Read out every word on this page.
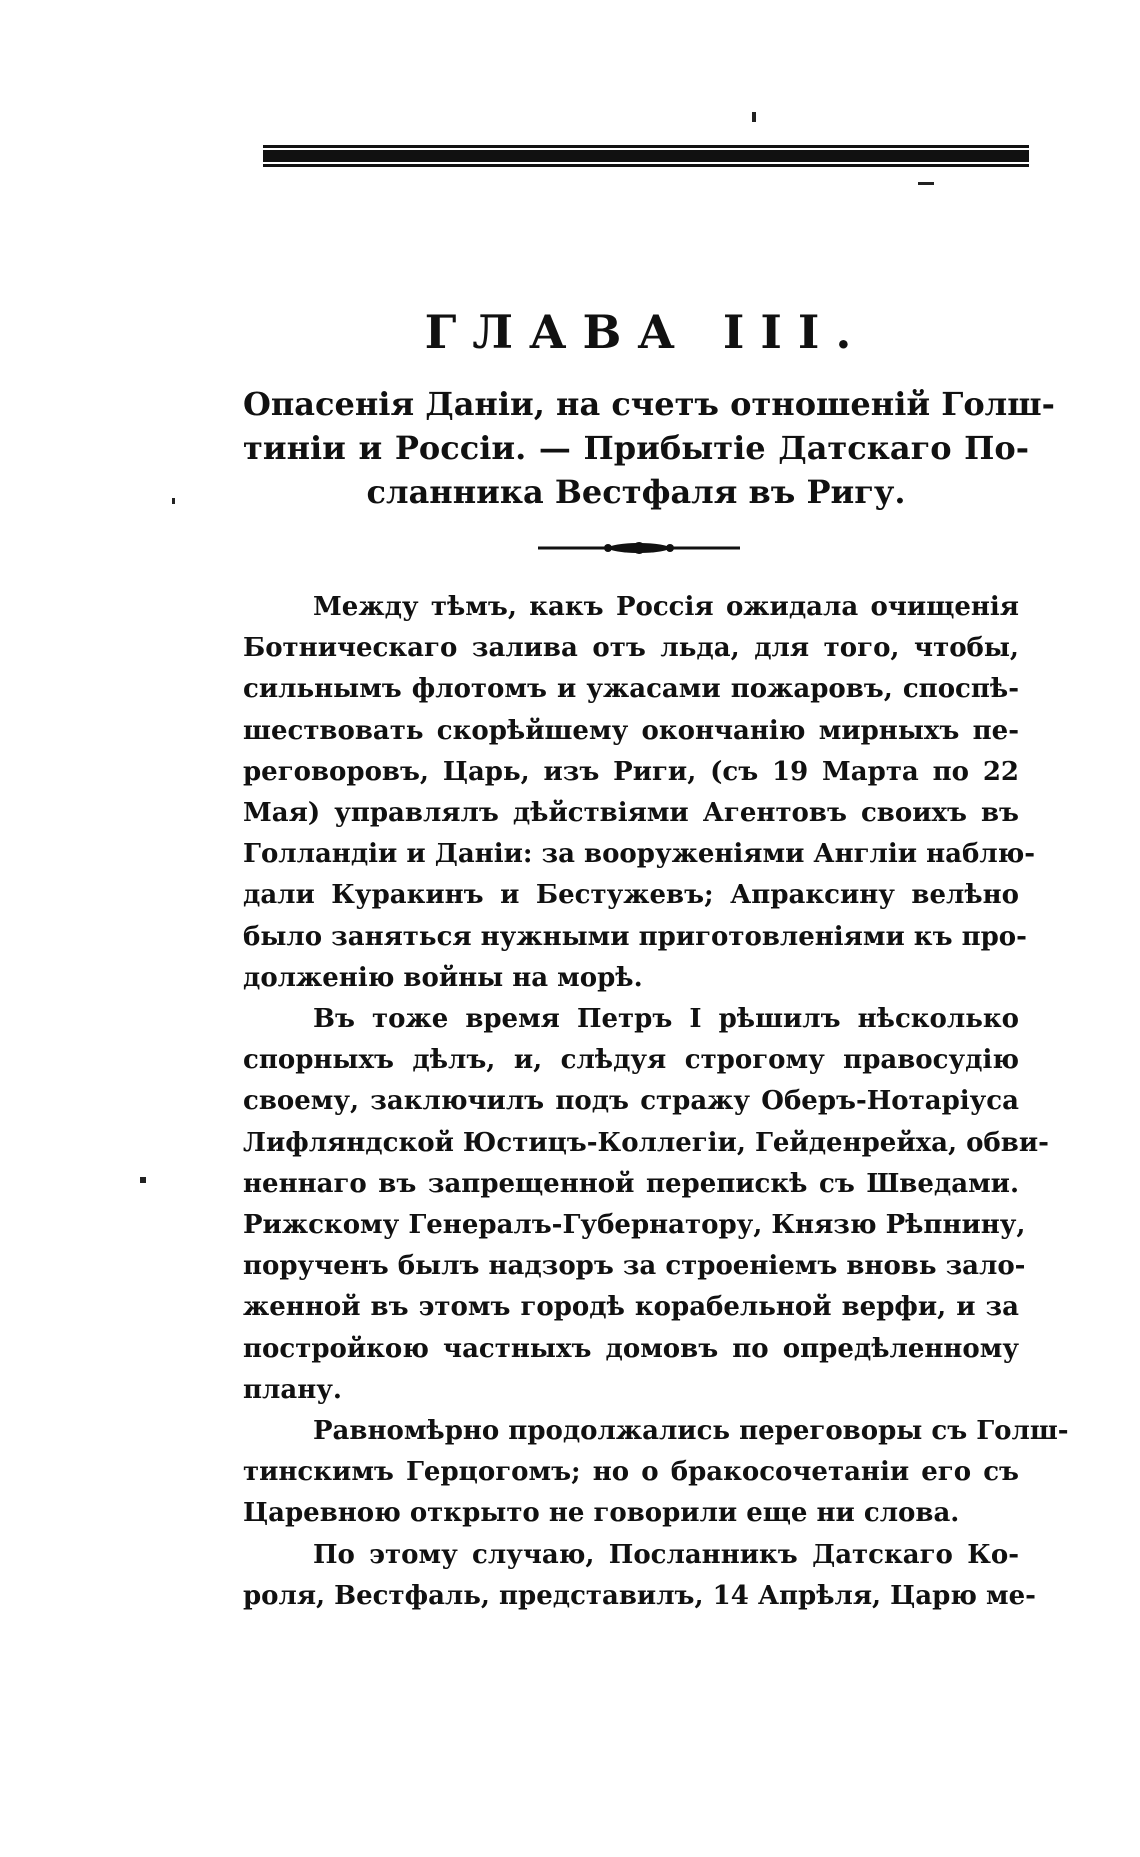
ГЛАВА III.
Опасенія Даніи, на счетъ отношеній Голш-
тиніи и Россіи. — Прибытіе Датскаго По-
сланника Вестфаля въ Ригу.
Между тѣмъ, какъ Россія ожидала очищенія
Ботническаго залива отъ льда, для того, чтобы,
сильнымъ флотомъ и ужасами пожаровъ, споспѣ-
шествовать скорѣйшему окончанію мирныхъ пе-
реговоровъ, Царь, изъ Риги, (съ 19 Марта по 22
Мая) управлялъ дѣйствіями Агентовъ своихъ въ
Голландіи и Даніи: за вооруженіями Англіи наблю-
дали Куракинъ и Бестужевъ; Апраксину велѣно
было заняться нужными приготовленіями къ про-
долженію войны на морѣ.
Въ тоже время Петръ I рѣшилъ нѣсколько
спорныхъ дѣлъ, и, слѣдуя строгому правосудію
своему, заключилъ подъ стражу Оберъ-Нотаріуса
Лифляндской Юстицъ-Коллегіи, Гейденрейха, обви-
неннаго въ запрещенной перепискѣ съ Шведами.
Рижскому Генералъ-Губернатору, Князю Рѣпнину,
порученъ былъ надзоръ за строеніемъ вновь зало-
женной въ этомъ городѣ корабельной верфи, и за
постройкою частныхъ домовъ по опредѣленному
плану.
Равномѣрно продолжались переговоры съ Голш-
тинскимъ Герцогомъ; но о бракосочетаніи его съ
Царевною открыто не говорили еще ни слова.
По этому случаю, Посланникъ Датскаго Ко-
роля, Вестфаль, представилъ, 14 Апрѣля, Царю ме-
